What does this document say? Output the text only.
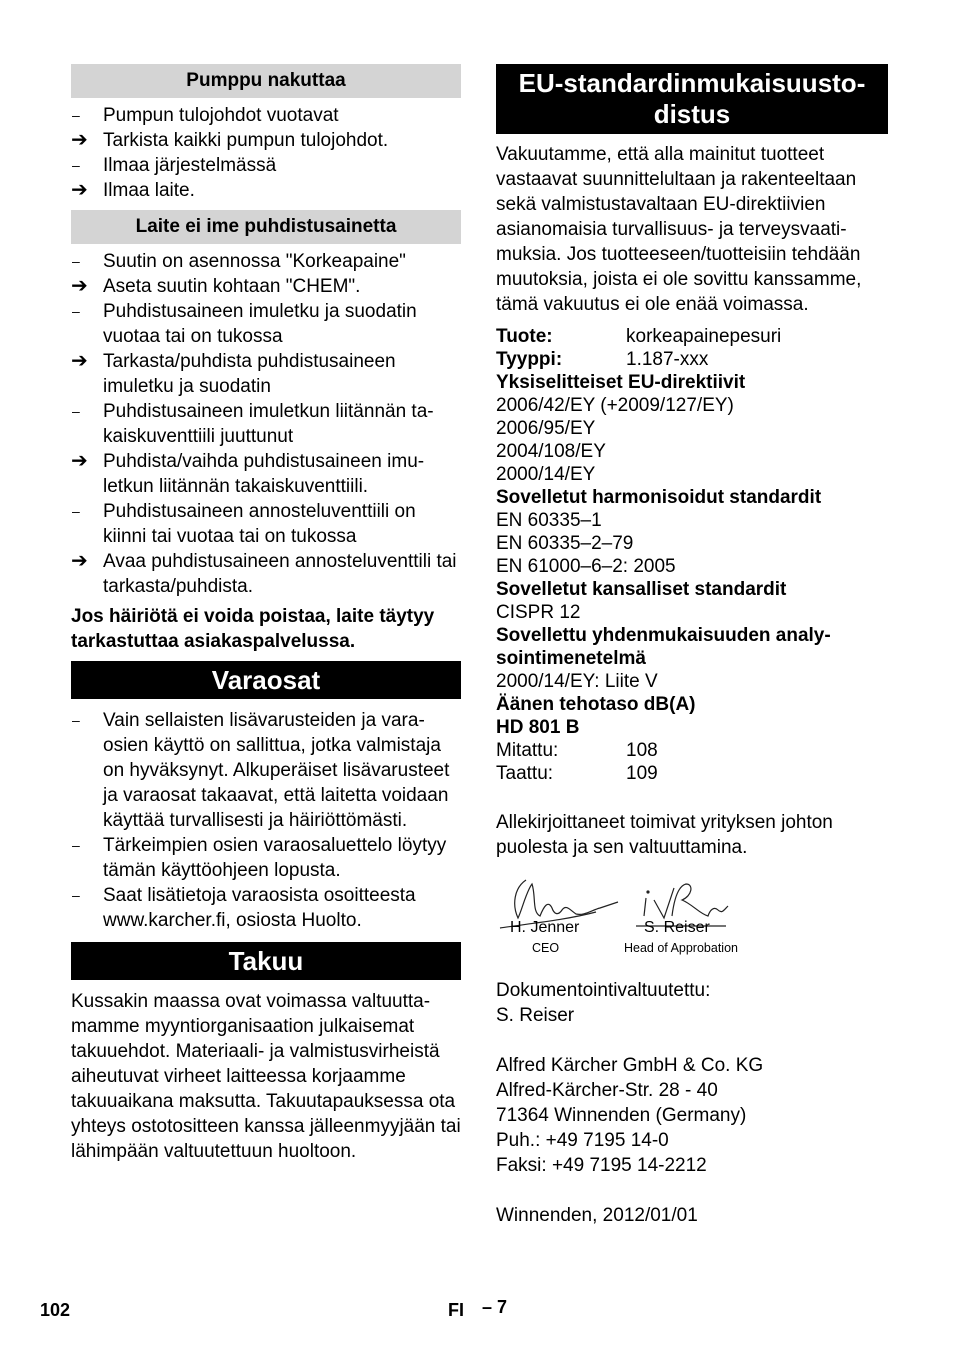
Pumppu nakuttaa
–	Pumpun tulojohdot vuotavat
➔ Tarkista kaikki pumpun tulojohdot.
–	Ilmaa järjestelmässä
➔ Ilmaa laite.
Laite ei ime puhdistusainetta
–	Suutin on asennossa "Korkeapaine"
➔ Aseta suutin kohtaan "CHEM".
–	Puhdistusaineen imuletku ja suodatin vuotaa tai on tukossa
➔ Tarkasta/puhdista puhdistusaineen imuletku ja suodatin
–	Puhdistusaineen imuletkun liitännän takaiskuventtiili juuttunut
➔ Puhdista/vaihda puhdistusaineen imuletkun liitännän takaiskuventtiili.
–	Puhdistusaineen annosteluventtiili on kiinni tai vuotaa tai on tukossa
➔ Avaa puhdistusaineen annosteluventtili tai tarkasta/puhdista.

Jos häiriötä ei voida poistaa, laite täytyy tarkastuttaa asiakaspalvelussa.

Varaosat
–	Vain sellaisten lisävarusteiden ja varaosien käyttö on sallittua, jotka valmistaja on hyväksynyt. Alkuperäiset lisävarusteet ja varaosat takaavat, että laitetta voidaan käyttää turvallisesti ja häiriöttömästi.
–	Tärkeimpien osien varaosaluettelo löytyy tämän käyttöohjeen lopusta.
–	Saat lisätietoja varaosista osoitteesta www.karcher.fi, osiosta Huolto.
Takuu

Kussakin maassa ovat voimassa valtuuttamamme myyntiorganisaation julkaisemat takuuehdot. Materiaali- ja valmistusvirheistä aiheutuvat virheet laitteessa korjaamme takuuaikana maksutta. Takuutapauksessa ota yhteys ostotositteen kanssa jälleenmyyjään tai lähimpään valtuutettuun huoltoon.

EU-standardinmukaisuusto-
distus

Vakuutamme, että alla mainitut tuotteet vastaavat suunnittelultaan ja rakenteeltaan sekä valmistustavaltaan EU-direktiivien asianomaisia turvallisuus- ja terveysvaatimuksia. Jos tuotteeseen/tuotteisiin tehdään muutoksia, joista ei ole sovittu kanssamme, tämä vakuutus ei ole enää voimassa.

Tuote:	korkeapainepesuri
Tyyppi:	1.187-xxx
Yksiselitteiset EU-direktiivit
2006/42/EY (+2009/127/EY)
2006/95/EY
2004/108/EY
2000/14/EY
Sovelletut harmonisoidut standardit
EN 60335–1
EN 60335–2–79
EN 61000–6–2: 2005
Sovelletut kansalliset standardit
CISPR 12
Sovellettu yhdenmukaisuuden analysointimenetelmä
2000/14/EY: Liite V
Äänen tehotaso dB(A)
HD 801 B
Mitattu:	108
Taattu:	109

Allekirjoittaneet toimivat yrityksen johton puolesta ja sen valtuuttamina.

H. Jenner
CEO
S. Reiser
Head of Approbation

Dokumentointivaltuutettu:

S. Reiser

Alfred Kärcher GmbH & Co. KG

Alfred-Kärcher-Str. 28 - 40

71364 Winnenden (Germany)

Puh.: +49 7195 14-0

Faksi: +49 7195 14-2212

Winnenden, 2012/01/01

102	FI – 7
